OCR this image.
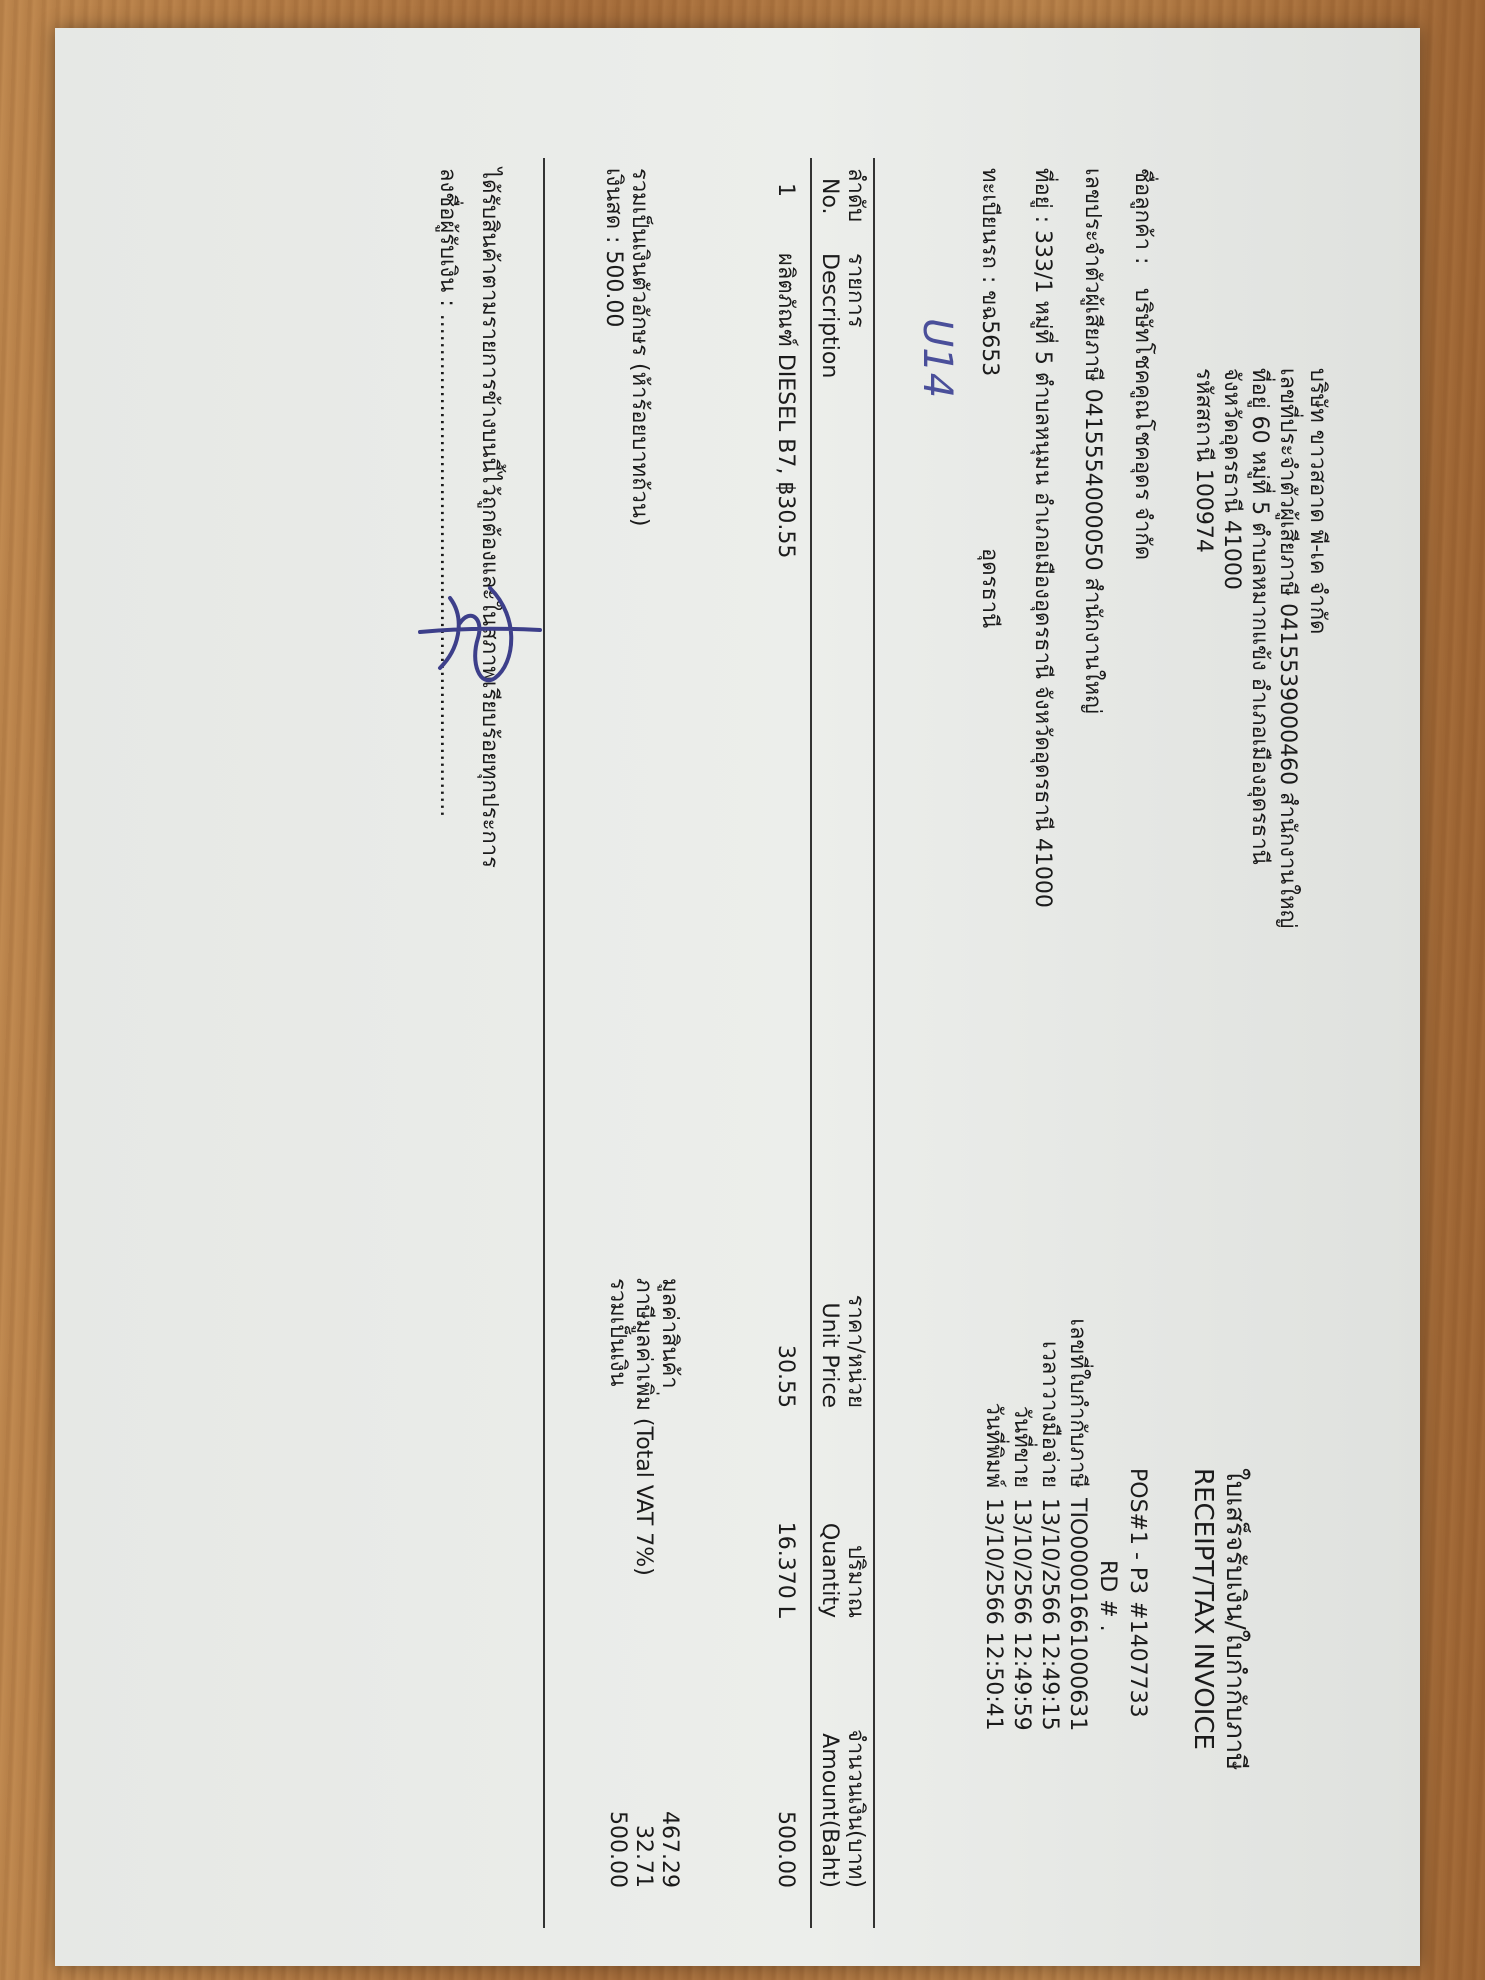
บริษัท ขาวสอาด พี-เค จำกัด
เลขที่ประจำตัวผู้เสียภาษี 0415539000460 สำนักงานใหญ่
ที่อยู่ 60 หมู่ที่ 5 ตำบลหมากแข้ง อำเภอเมืองอุดรธานี
จังหวัดอุดรธานี 41000
รหัสสถานี 100974
ใบเสร็จรับเงิน/ใบกำกับภาษี
RECEIPT/TAX INVOICE
POS#1 - P3 #1407733
RD # .
เลขที่ใบกำกับภาษี
TIO00001661000631
เวลาวางมือจ่าย
13/10/2566 12:49:15
วันที่ขาย
13/10/2566 12:49:59
วันที่พิมพ์
13/10/2566 12:50:41
ชื่อลูกค้า :
บริษัทโชคคูณโชคอุดร จำกัด
เลขประจำตัวผู้เสียภาษี 0415554000050 สำนักงานใหญ่
ที่อยู่ : 333/1 หมู่ที่ 5 ตำบลหนุมน อำเภอเมืองอุดรธานี จังหวัดอุดรธานี 41000
ทะเบียนรถ : ขฉ5653
อุดรธานี
U14
ลำดับ
No.
รายการ
Description
ราคา/หน่วย
Unit Price
ปริมาณ
Quantity
จำนวนเงิน(บาท)
Amount(Baht)
1
ผลิตภัณฑ์ DIESEL B7, ฿30.55
30.55
16.370 L
500.00
รวมเป็นเงินตัวอักษร (ห้าร้อยบาทถ้วน)
เงินสด : 500.00
มูลค่าสินค้า
467.29
ภาษีมูลค่าเพิ่ม (Total VAT 7%)
32.71
รวมเป็นเงิน
500.00
ได้รับสินค้าตามรายการข้างบนนี้ไว้ถูกต้องและในสภาพเรียบร้อยทุกประการ
ลงชื่อผู้รับเงิน : ........................................................................
